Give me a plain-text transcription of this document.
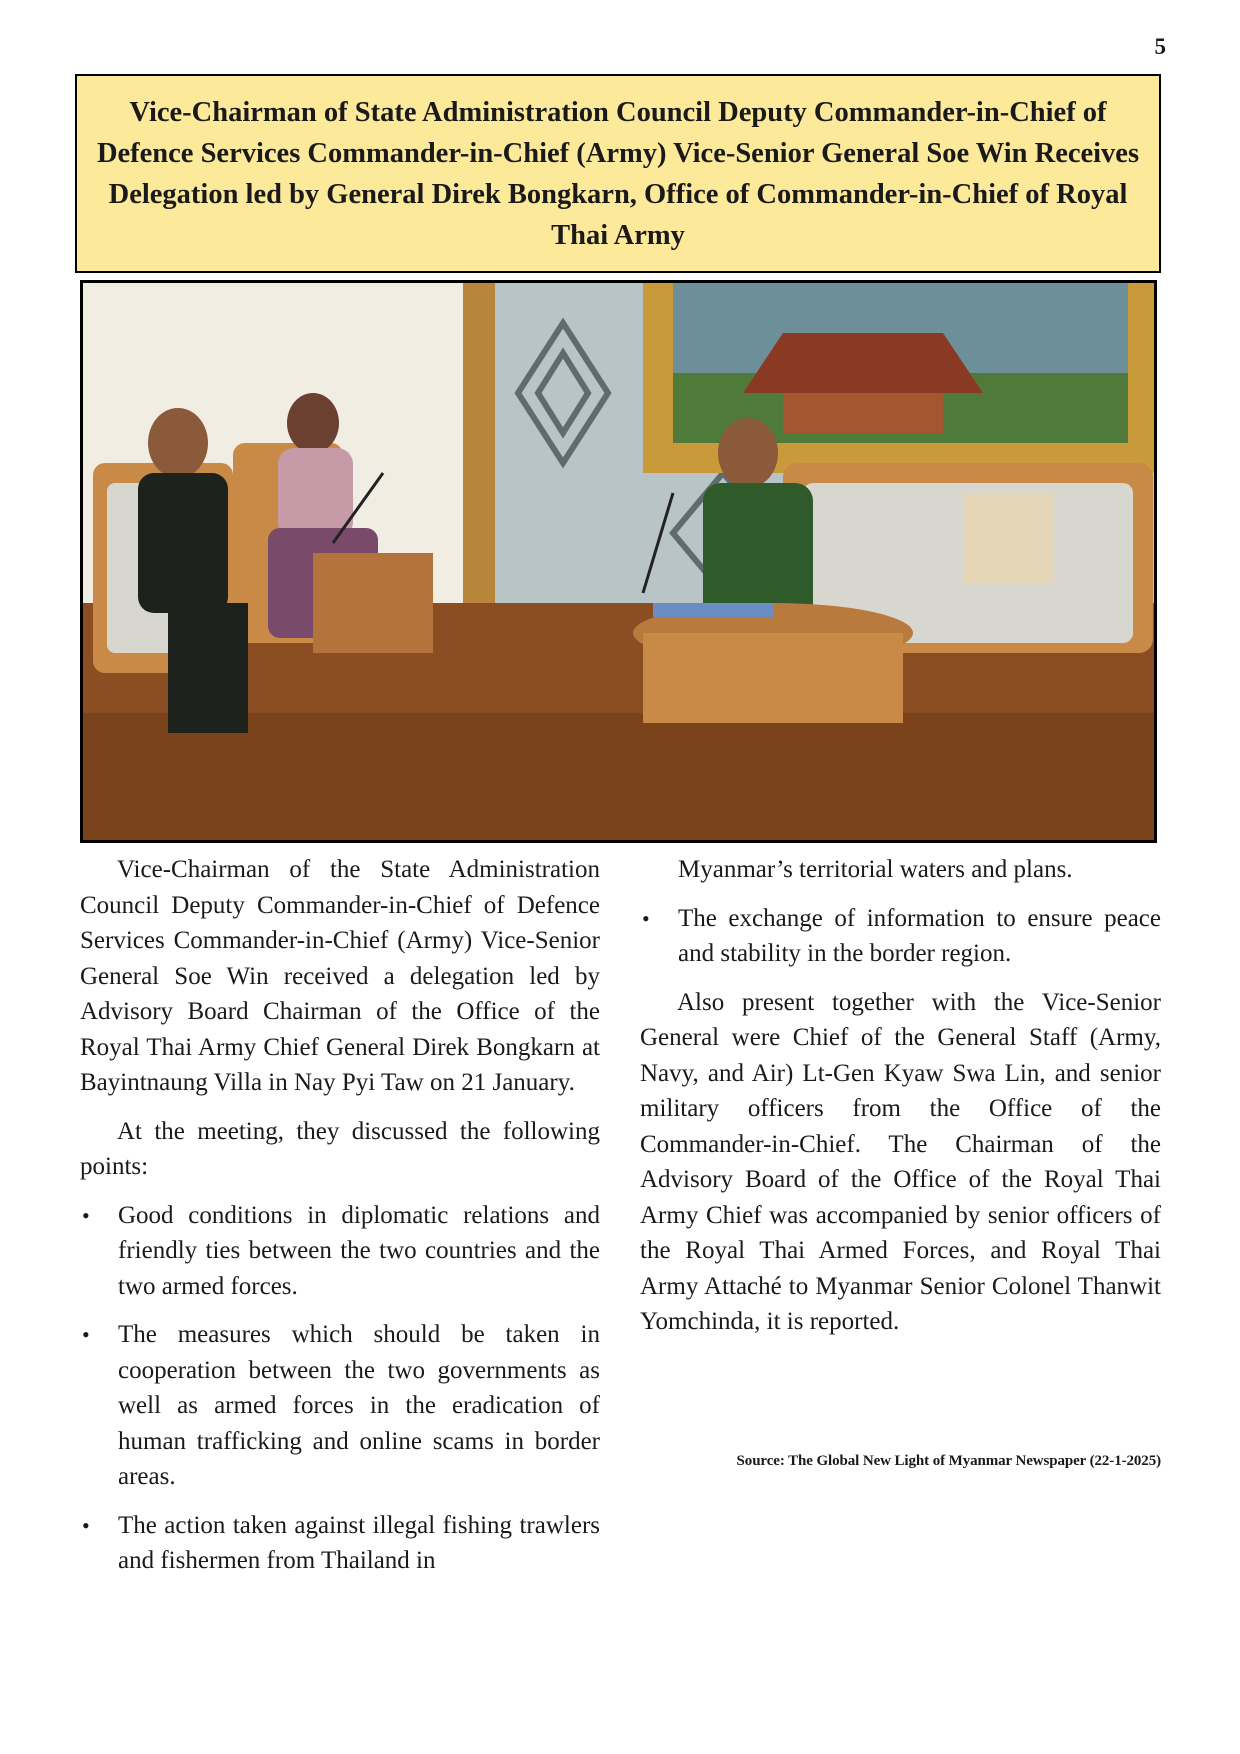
5
Vice-Chairman of State Administration Council Deputy Commander-in-Chief of Defence Services Commander-in-Chief (Army) Vice-Senior General Soe Win Receives Delegation led by General Direk Bongkarn, Office of Commander-in-Chief of Royal Thai Army

Vice-Chairman of the State Administration Council Deputy Commander-in-Chief of Defence Services Commander-in-Chief (Army) Vice-Senior General Soe Win received a delegation led by Advisory Board Chairman of the Office of the Royal Thai Army Chief General Direk Bongkarn at Bayintnaung Villa in Nay Pyi Taw on 21 January.

At the meeting, they discussed the following points:

• Good conditions in diplomatic relations and friendly ties between the two countries and the two armed forces.
• The measures which should be taken in cooperation between the two governments as well as armed forces in the eradication of human trafficking and online scams in border areas.
• The action taken against illegal fishing trawlers and fishermen from Thailand in

Myanmar’s territorial waters and plans.

• The exchange of information to ensure peace and stability in the border region.

Also present together with the Vice-Senior General were Chief of the General Staff (Army, Navy, and Air) Lt-Gen Kyaw Swa Lin, and senior military officers from the Office of the Commander-in-Chief. The Chairman of the Advisory Board of the Office of the Royal Thai Army Chief was accompanied by senior officers of the Royal Thai Armed Forces, and Royal Thai Army Attaché to Myanmar Senior Colonel Thanwit Yomchinda, it is reported.

Source: The Global New Light of Myanmar Newspaper (22-1-2025)
